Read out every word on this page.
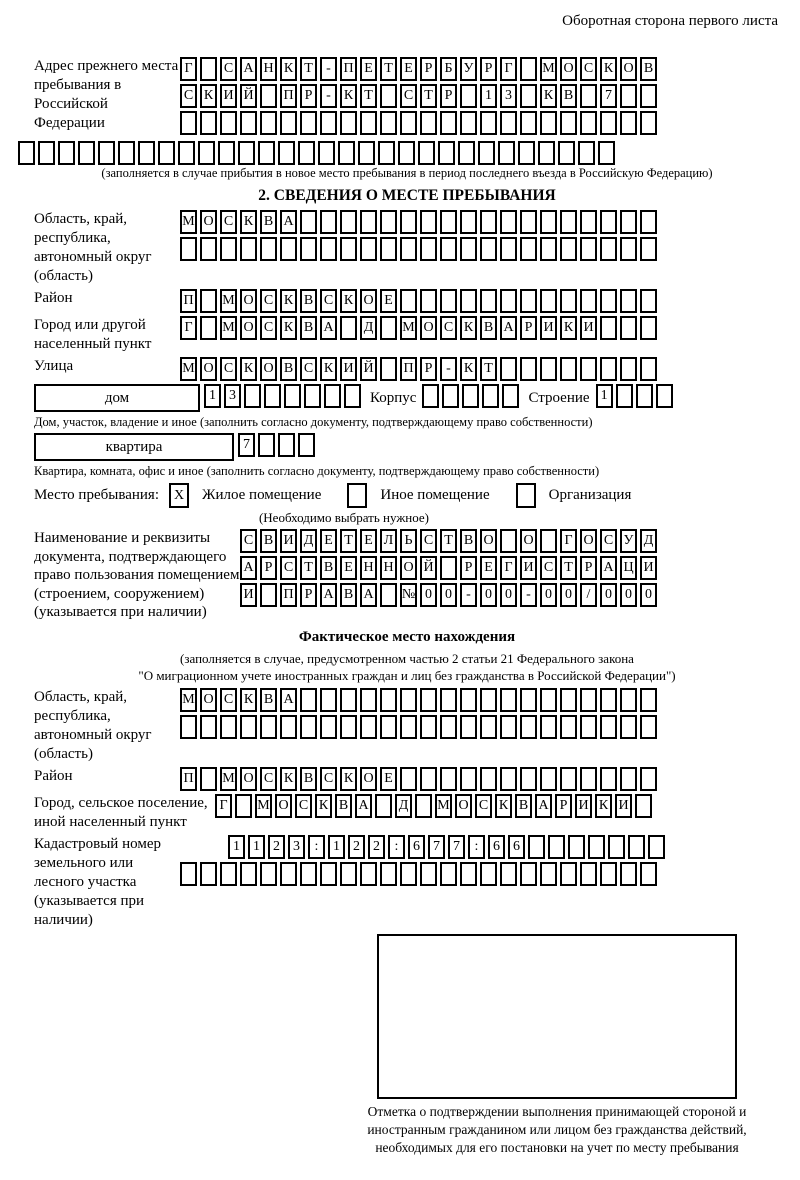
Оборотная сторона первого листа
Адрес прежнего места пребывания в Российской Федерации
Г	С А Н К Т - П Е Т Е Р Б У Р Г	М О С К О В
С К И Й П Р - К Т	С Т Р	1 3	К В	7
(заполняется в случае прибытия в новое место пребывания в период последнего въезда в Российскую Федерацию)
2. СВЕДЕНИЯ О МЕСТЕ ПРЕБЫВАНИЯ
Область, край, республика, автономный округ (область)
М О С К В А
Район	П М О С К В С К О Е
Город или другой населенный пункт
Г	М О С К В А Д М О С К В А Р И К И
Улица	М О С К О В С К И Й П Р - К Т
дом	1 3	Корпус	Строение 1
Дом, участок, владение и иное (заполнить согласно документу, подтверждающему право собственности)
квартира	7
Квартира, комната, офис и иное (заполнить согласно документу, подтверждающему право собственности)
Место пребывания:	X	Жилое помещение	Иное помещение	Организация
(Необходимо выбрать нужное)
Наименование и реквизиты документа, подтверждающего право пользования помещением (строением, сооружением) (указывается при наличии)
С В И Д Е Т Е Л Ь С Т В О О	Г О С У Д
А Р С Т В Е Н Н О Й	Р Е Г И С Т Р А Ц И
И П Р А В А № 0 0	-	0 0	-	0 0	/	0 0 0
Фактическое место нахождения
(заполняется в случае, предусмотренном частью 2 статьи 21 Федерального закона
"О миграционном учете иностранных граждан и лиц без гражданства в Российской Федерации")
Область, край, республика, автономный округ (область)
М О С К В А
Район	П М О С К В С К О Е
Город, сельское поселение, иной населенный пункт
Г	М О С К В А Д М О С К В А Р И К И
Кадастровый номер земельного или лесного участка (указывается при наличии)
1 1 2 3	:	1 2 2	:	6 7 7	:	6 6
Отметка о подтверждении выполнения принимающей стороной и иностранным гражданином или лицом без гражданства действий, необходимых для его постановки на учет по месту пребывания
